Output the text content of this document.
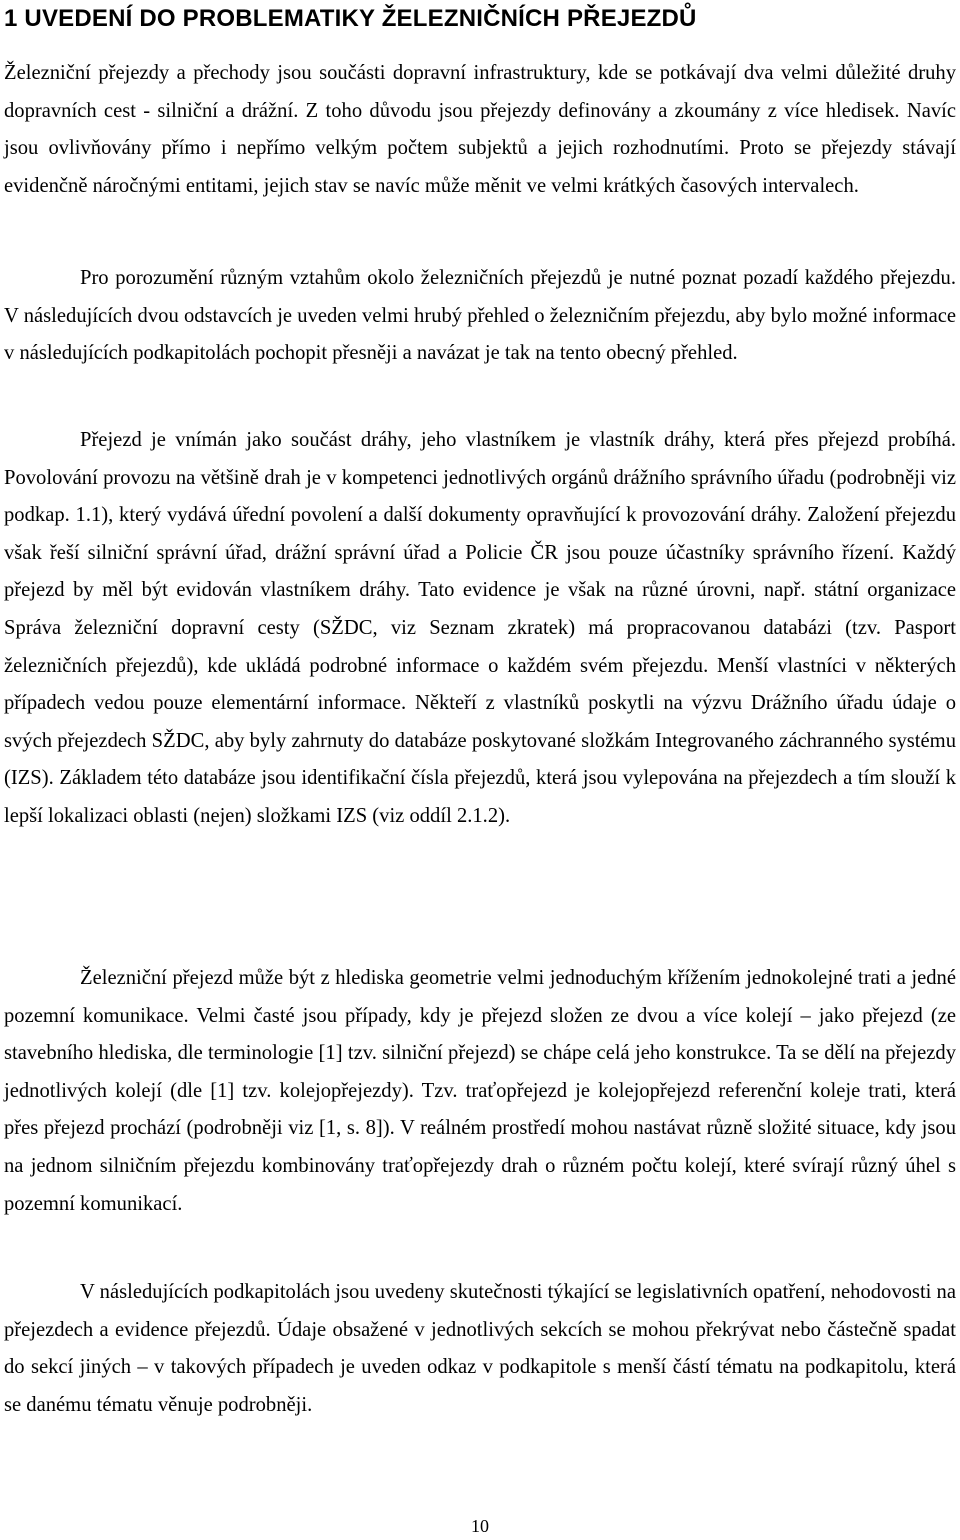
1 UVEDENÍ DO PROBLEMATIKY ŽELEZNIČNÍCH PŘEJEZDŮ

Železniční přejezdy a přechody jsou součásti dopravní infrastruktury, kde se potkávají dva velmi důležité druhy dopravních cest - silniční a drážní. Z toho důvodu jsou přejezdy definovány a zkoumány z více hledisek. Navíc jsou ovlivňovány přímo i nepřímo velkým počtem subjektů a jejich rozhodnutími. Proto se přejezdy stávají evidenčně náročnými entitami, jejich stav se navíc může měnit ve velmi krátkých časových intervalech.

Pro porozumění různým vztahům okolo železničních přejezdů je nutné poznat pozadí každého přejezdu. V následujících dvou odstavcích je uveden velmi hrubý přehled o železničním přejezdu, aby bylo možné informace v následujících podkapitolách pochopit přesněji a navázat je tak na tento obecný přehled.

Přejezd je vnímán jako součást dráhy, jeho vlastníkem je vlastník dráhy, která přes přejezd probíhá. Povolování provozu na většině drah je v kompetenci jednotlivých orgánů drážního správního úřadu (podrobněji viz podkap. 1.1), který vydává úřední povolení a další dokumenty opravňující k provozování dráhy. Založení přejezdu však řeší silniční správní úřad, drážní správní úřad a Policie ČR jsou pouze účastníky správního řízení. Každý přejezd by měl být evidován vlastníkem dráhy. Tato evidence je však na různé úrovni, např. státní organizace Správa železniční dopravní cesty (SŽDC, viz Seznam zkratek) má propracovanou databázi (tzv. Pasport železničních přejezdů), kde ukládá podrobné informace o každém svém přejezdu. Menší vlastníci v některých případech vedou pouze elementární informace. Někteří z vlastníků poskytli na výzvu Drážního úřadu údaje o svých přejezdech SŽDC, aby byly zahrnuty do databáze poskytované složkám Integrovaného záchranného systému (IZS). Základem této databáze jsou identifikační čísla přejezdů, která jsou vylepována na přejezdech a tím slouží k lepší lokalizaci oblasti (nejen) složkami IZS (viz oddíl 2.1.2).

Železniční přejezd může být z hlediska geometrie velmi jednoduchým křížením jednokolejné trati a jedné pozemní komunikace. Velmi časté jsou případy, kdy je přejezd složen ze dvou a více kolejí – jako přejezd (ze stavebního hlediska, dle terminologie [1] tzv. silniční přejezd) se chápe celá jeho konstrukce. Ta se dělí na přejezdy jednotlivých kolejí (dle [1] tzv. kolejopřejezdy). Tzv. traťopřejezd je kolejopřejezd referenční koleje trati, která přes přejezd prochází (podrobněji viz [1, s. 8]). V reálném prostředí mohou nastávat různě složité situace, kdy jsou na jednom silničním přejezdu kombinovány traťopřejezdy drah o různém počtu kolejí, které svírají různý úhel s pozemní komunikací.

V následujících podkapitolách jsou uvedeny skutečnosti týkající se legislativních opatření, nehodovosti na přejezdech a evidence přejezdů. Údaje obsažené v jednotlivých sekcích se mohou překrývat nebo částečně spadat do sekcí jiných – v takových případech je uveden odkaz v podkapitole s menší částí tématu na podkapitolu, která se danému tématu věnuje podrobněji.

10
